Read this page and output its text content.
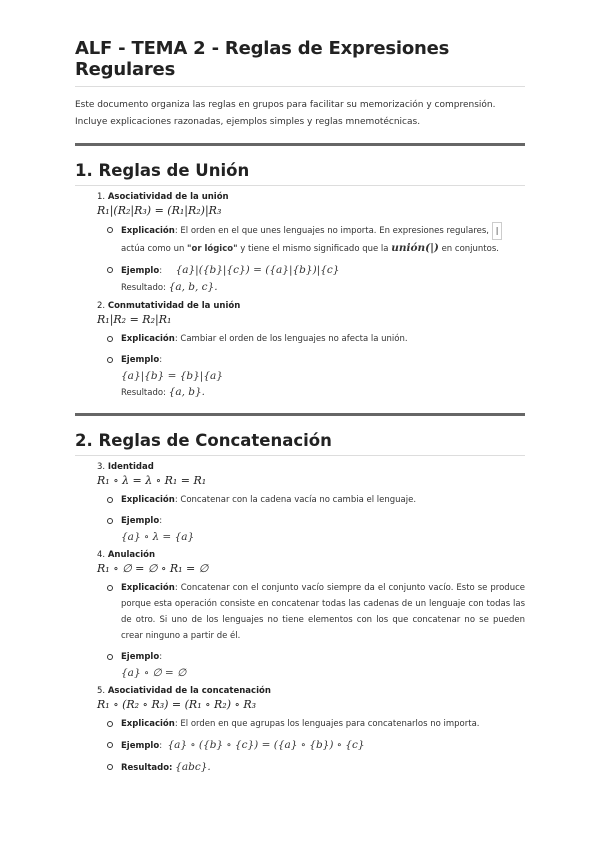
ALF - TEMA 2 - Reglas de Expresiones Regulares

Este documento organiza las reglas en grupos para facilitar su memorización y comprensión. Incluye explicaciones razonadas, ejemplos simples y reglas mnemotécnicas.

1. Reglas de Unión
1. Asociatividad de la unión
R₁|(R₂|R₃) = (R₁|R₂)|R₃
Explicación: El orden en el que unes lenguajes no importa. En expresiones regulares, | actúa como un "or lógico" y tiene el mismo significado que la unión(|) en conjuntos.
Ejemplo:     {a}|({b}|{c}) = ({a}|{b})|{c}
Resultado: {a, b, c}.
2. Conmutatividad de la unión
R₁|R₂ = R₂|R₁
Explicación: Cambiar el orden de los lenguajes no afecta la unión.
Ejemplo:
{a}|{b} = {b}|{a}
Resultado: {a, b}.
2. Reglas de Concatenación
3. Identidad
R₁ ∘ λ = λ ∘ R₁ = R₁
Explicación: Concatenar con la cadena vacía no cambia el lenguaje.
Ejemplo:
{a} ∘ λ = {a}
4. Anulación
R₁ ∘ ∅ = ∅ ∘ R₁ = ∅
Explicación: Concatenar con el conjunto vacío siempre da el conjunto vacío. Esto se produce porque esta operación consiste en concatenar todas las cadenas de un lenguaje con todas las de otro. Si uno de los lenguajes no tiene elementos con los que concatenar no se pueden crear ninguno a partir de él.
Ejemplo:
{a} ∘ ∅ = ∅
5. Asociatividad de la concatenación
R₁ ∘ (R₂ ∘ R₃) = (R₁ ∘ R₂) ∘ R₃
Explicación: El orden en que agrupas los lenguajes para concatenarlos no importa.
Ejemplo:  {a} ∘ ({b} ∘ {c}) = ({a} ∘ {b}) ∘ {c}
Resultado: {abc}.
